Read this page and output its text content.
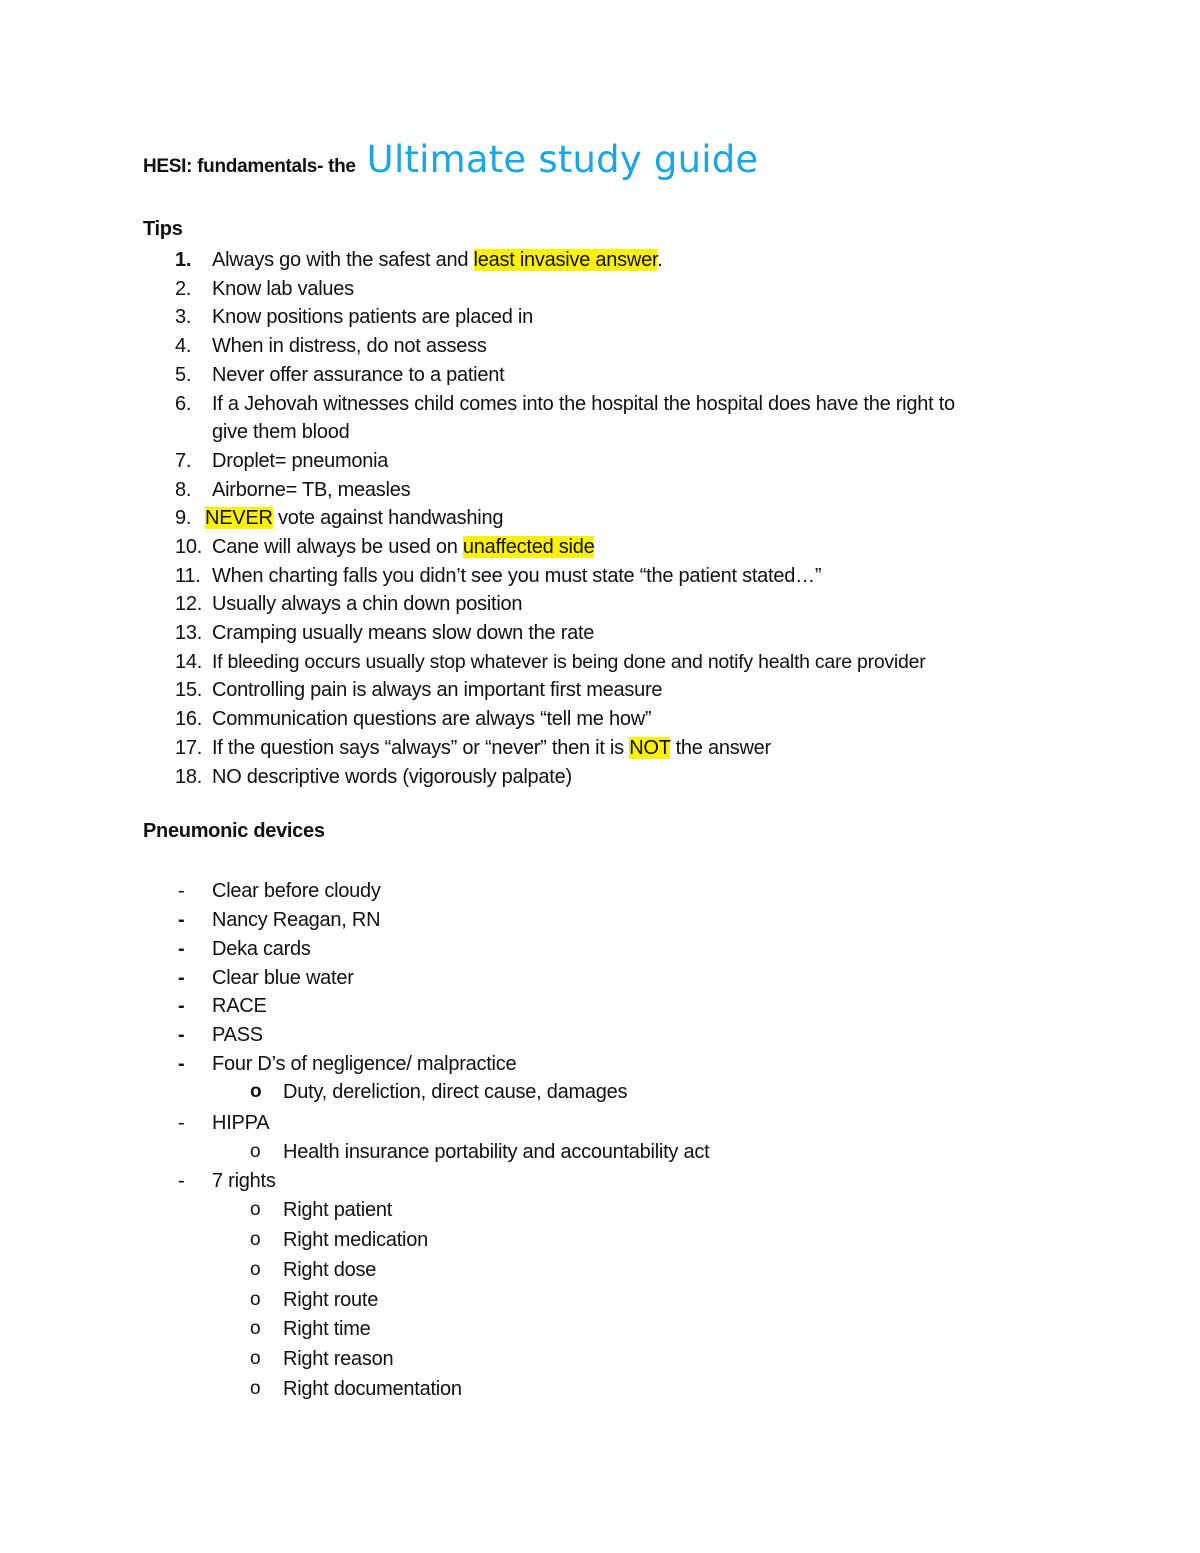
HESI: fundamentals- the Ultimate study guide
Tips
1. Always go with the safest and least invasive answer.
2. Know lab values
3. Know positions patients are placed in
4. When in distress, do not assess
5. Never offer assurance to a patient
6. If a Jehovah witnesses child comes into the hospital the hospital does have the right to
give them blood
7. Droplet= pneumonia
8. Airborne= TB, measles
9. NEVER vote against handwashing
10. Cane will always be used on unaffected side
11. When charting falls you didn’t see you must state “the patient stated…”
12. Usually always a chin down position
13. Cramping usually means slow down the rate
14. If bleeding occurs usually stop whatever is being done and notify health care provider
15. Controlling pain is always an important first measure
16. Communication questions are always “tell me how”
17. If the question says “always” or “never” then it is NOT the answer
18. NO descriptive words (vigorously palpate)
Pneumonic devices
- Clear before cloudy
- Nancy Reagan, RN
- Deka cards
- Clear blue water
- RACE
- PASS
- Four D’s of negligence/ malpractice
o Duty, dereliction, direct cause, damages
- HIPPA
o Health insurance portability and accountability act
- 7 rights
o Right patient
o Right medication
o Right dose
o Right route
o Right time
o Right reason
o Right documentation
